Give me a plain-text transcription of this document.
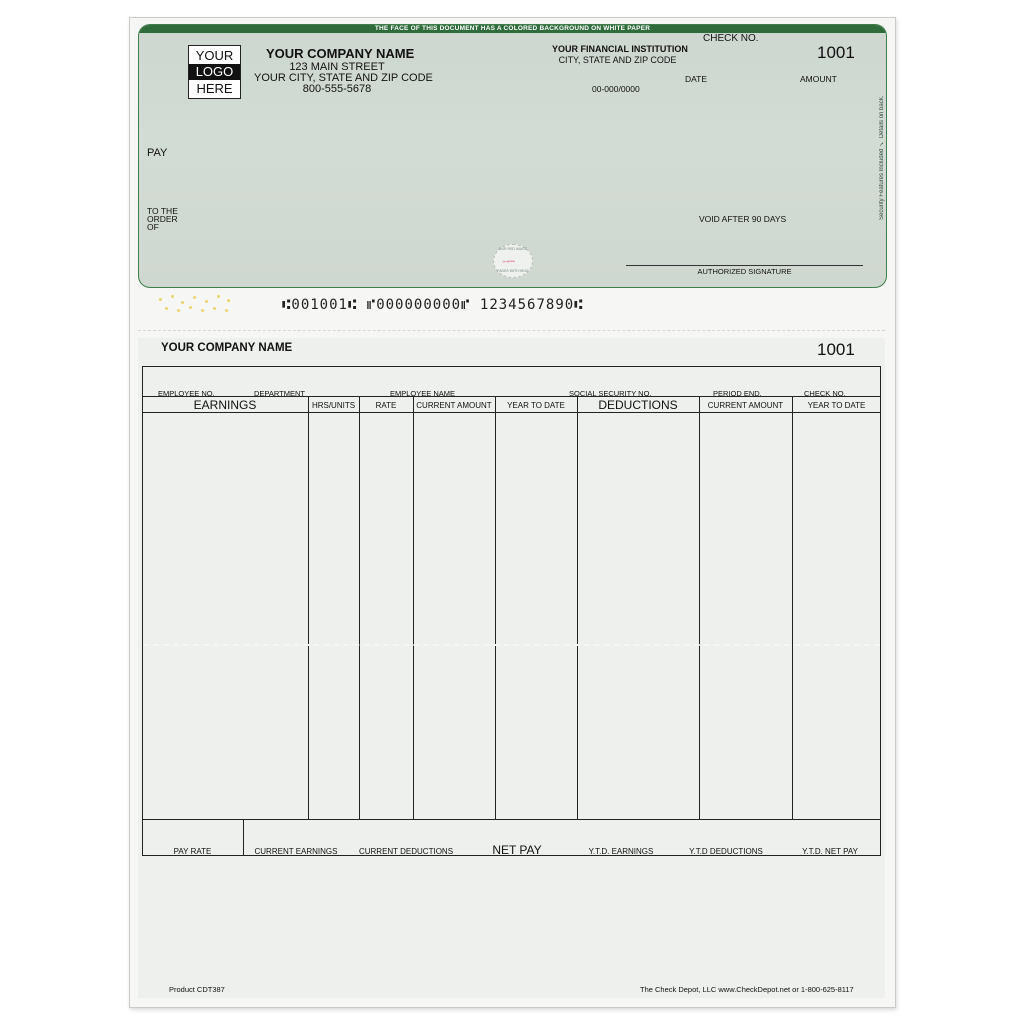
THE FACE OF THIS DOCUMENT HAS A COLORED BACKGROUND ON WHITE PAPER
YOUR
LOGO
HERE
YOUR COMPANY NAME
123 MAIN STREET
YOUR CITY, STATE AND ZIP CODE
800-555-5678
YOUR FINANCIAL INSTITUTION
CITY, STATE AND ZIP CODE
00-000/0000
CHECK NO.
1001
DATE	AMOUNT
PAY
TO THE
ORDER
OF
VOID AFTER 90 DAYS
AUTHORIZED SIGNATURE
OUR RED IMAGE
⊶━
FADES WITH HEAT
Security Features Included ✓ Details on back.
⑆001001⑆ ⑈000000000⑈ 1234567890⑆
YOUR COMPANY NAME	1001
EMPLOYEE NO.	DEPARTMENT	EMPLOYEE NAME	SOCIAL SECURITY NO.	PERIOD END.	CHECK NO.
EARNINGS	HRS/UNITS	RATE	CURRENT AMOUNT	YEAR TO DATE	DEDUCTIONS	CURRENT AMOUNT	YEAR TO DATE
PAY RATE	CURRENT EARNINGS	CURRENT DEDUCTIONS	NET PAY	Y.T.D. EARNINGS	Y.T.D DEDUCTIONS	Y.T.D. NET PAY
Product CDT387	The Check Depot, LLC www.CheckDepot.net or 1-800-625-8117
